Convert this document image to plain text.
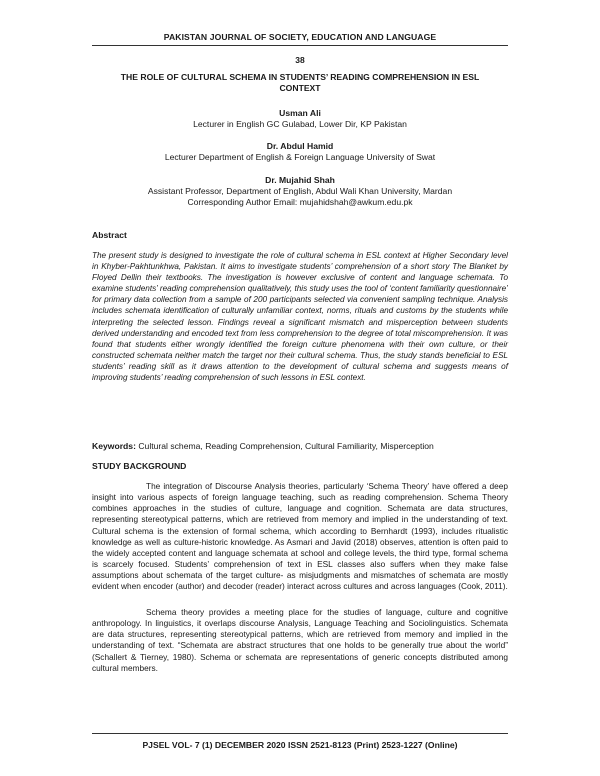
PAKISTAN JOURNAL OF SOCIETY, EDUCATION AND LANGUAGE
38
THE ROLE OF CULTURAL SCHEMA IN STUDENTS’ READING COMPREHENSION IN ESL CONTEXT
Usman Ali
Lecturer in English GC Gulabad, Lower Dir, KP Pakistan
Dr. Abdul Hamid
Lecturer Department of English & Foreign Language University of Swat
Dr. Mujahid Shah
Assistant Professor, Department of English, Abdul Wali Khan University, Mardan
Corresponding Author Email: mujahidshah@awkum.edu.pk
Abstract

The present study is designed to investigate the role of cultural schema in ESL context at Higher Secondary level in Khyber-Pakhtunkhwa, Pakistan. It aims to investigate students’ comprehension of a short story The Blanket by Floyed Dellin their textbooks. The investigation is however exclusive of content and language schemata. To examine students’ reading comprehension qualitatively, this study uses the tool of ‘content familiarity questionnaire’ for primary data collection from a sample of 200 participants selected via convenient sampling technique. Analysis includes schemata identification of culturally unfamiliar context, norms, rituals and customs by the students while interpreting the selected lesson. Findings reveal a significant mismatch and misperception between students derived understanding and encoded text from less comprehension to the degree of total miscomprehension. It was found that students either wrongly identified the foreign culture phenomena with their own culture, or their constructed schemata neither match the target nor their cultural schema. Thus, the study stands beneficial to ESL students’ reading skill as it draws attention to the development of cultural schema and suggests means of improving students’ reading comprehension of such lessons in ESL context.

Keywords: Cultural schema, Reading Comprehension, Cultural Familiarity, Misperception
STUDY BACKGROUND

The integration of Discourse Analysis theories, particularly ‘Schema Theory’ have offered a deep insight into various aspects of foreign language teaching, such as reading comprehension. Schema Theory combines approaches in the studies of culture, language and cognition. Schemata are data structures, representing stereotypical patterns, which are retrieved from memory and implied in the understanding of text. Cultural schema is the extension of formal schema, which according to Bernhardt (1993), includes ritualistic knowledge as well as culture-historic knowledge. As Asmari and Javid (2018) observes, attention is often paid to the widely accepted content and language schemata at school and college levels, the third type, formal schema is scarcely focused. Students’ comprehension of text in ESL classes also suffers when they make false assumptions about schemata of the target culture- as misjudgments and mismatches of schemata are mostly evident when encoder (author) and decoder (reader) interact across cultures and across languages (Cook, 2011).

Schema theory provides a meeting place for the studies of language, culture and cognitive anthropology. In linguistics, it overlaps discourse Analysis, Language Teaching and Sociolinguistics. Schemata are data structures, representing stereotypical patterns, which are retrieved from memory and implied in the understanding of text. “Schemata are abstract structures that one holds to be generally true about the world” (Schallert & Tierney, 1980). Schema or schemata are representations of generic concepts distributed among cultural members.

PJSEL VOL- 7 (1) DECEMBER 2020 ISSN 2521-8123 (Print) 2523-1227 (Online)
